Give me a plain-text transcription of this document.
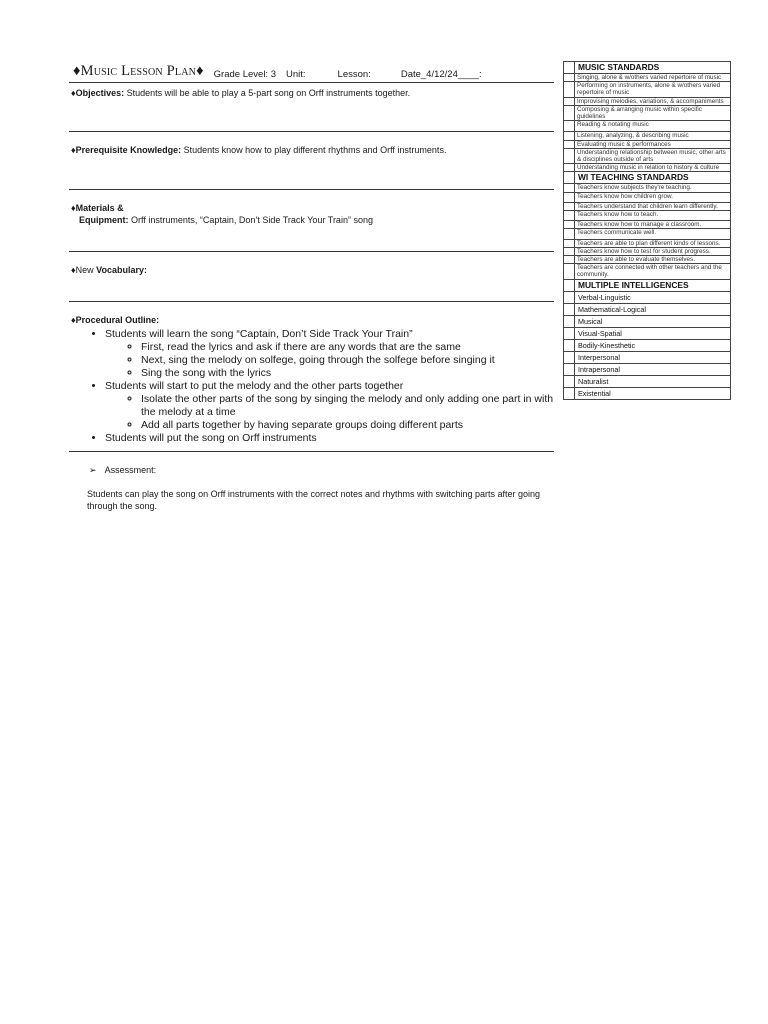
♦Music Lesson Plan♦ Grade Level: 3 Unit:	Lesson:	Date_4/12/24____:
♦Objectives: Students will be able to play a 5-part song on Orff instruments together.
♦Prerequisite Knowledge: Students know how to play different rhythms and Orff instruments.
♦Materials &
Equipment: Orff instruments, “Captain, Don’t Side Track Your Train” song
♦New Vocabulary:
♦Procedural Outline:
• Students will learn the song “Captain, Don’t Side Track Your Train”
◦ First, read the lyrics and ask if there are any words that are the same
◦ Next, sing the melody on solfege, going through the solfege before singing it
◦ Sing the song with the lyrics
• Students will start to put the melody and the other parts together
◦ Isolate the other parts of the song by singing the melody and only adding one part in with the melody at a time
◦ Add all parts together by having separate groups doing different parts
• Students will put the song on Orff instruments
➢ Assessment:
Students can play the song on Orff instruments with the correct notes and rhythms with switching parts after going through the song.
	MUSIC STANDARDS
	Singing, alone & w/others varied repertoire of music
	Performing on instruments, alone & w/others varied repertoire of music
	Improvising melodies, variations, & accompaniments
	Composing & arranging music within specific guidelines
	Reading & notating music
	Listening, analyzing, & describing music
	Evaluating music & performances
	Understanding relationship between music, other arts & disciplines outside of arts
	Understanding music in relation to history & culture
	WI TEACHING STANDARDS
	Teachers know subjects they're teaching.
	Teachers know how children grow.
	Teachers understand that children learn differently.
	Teachers know how to teach.
	Teachers know how to manage a classroom.
	Teachers communicate well.
	Teachers are able to plan different kinds of lessons.
	Teachers know how to test for student progress.
	Teachers are able to evaluate themselves.
	Teachers are connected with other teachers and the community.
	MULTIPLE INTELLIGENCES
	Verbal-Linguistic
	Mathematical-Logical
	Musical
	Visual-Spatial
	Bodily-Kinesthetic
	Interpersonal
	Intrapersonal
	Naturalist
	Existential
